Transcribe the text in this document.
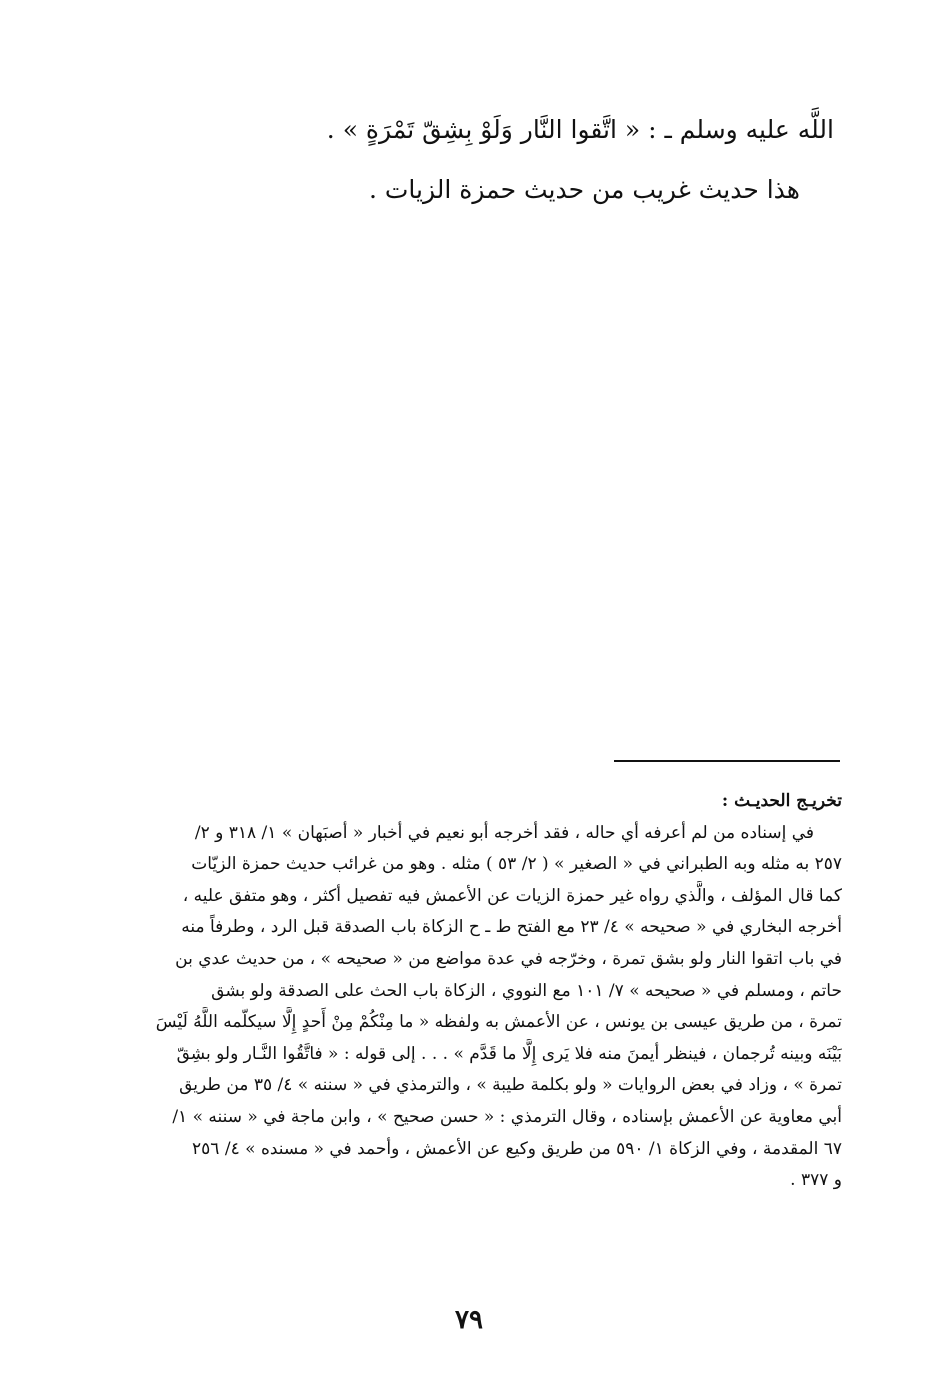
اللَّه عليه وسلم ـ : « اتَّقوا النَّار وَلَوْ بِشِقّ تَمْرَةٍ » .

هذا حديث غريب من حديث حمزة الزيات .

تخريـج الحديـث :

في إسناده من لم أعرفه أي حاله ، فقد أخرجه أبو نعيم في أخبار « أصبَهان » ١/ ٣١٨ و ٢/

٢٥٧ به مثله وبه الطبراني في « الصغير » ( ٢/ ٥٣ ) مثله . وهو من غرائب حديث حمزة الزيّات

كما قال المؤلف ، والَّذي رواه غير حمزة الزيات عن الأعمش فيه تفصيل أكثر ، وهو متفق عليه ،

أخرجه البخاري في « صحيحه » ٤/ ٢٣ مع الفتح ط ـ ح الزكاة باب الصدقة قبل الرد ، وطرفاً منه

في باب اتقوا النار ولو بشق تمرة ، وخرّجه في عدة مواضع من « صحيحه » ، من حديث عدي بن

حاتم ، ومسلم في « صحيحه » ٧/ ١٠١ مع النووي ، الزكاة باب الحث على الصدقة ولو بشق

تمرة ، من طريق عيسى بن يونس ، عن الأعمش به ولفظه « ما مِنْكُمْ مِنْ أَحدٍ إِلَّا سيكلّمه اللَّهُ لَيْسَ

بَيْنَه وبينه تُرجمان ، فينظر أيمنَ منه فلا يَرى إِلَّا ما قَدَّم » . . . إلى قوله : « فاتَّقُوا النَّـار ولو بشِقّ

تمرة » ، وزاد في بعض الروايات « ولو بكلمة طيبة » ، والترمذي في « سننه » ٤/ ٣٥ من طريق

أبي معاوية عن الأعمش بإسناده ، وقال الترمذي : « حسن صحيح » ، وابن ماجة في « سننه » ١/

٦٧ المقدمة ، وفي الزكاة ١/ ٥٩٠ من طريق وكيع عن الأعمش ، وأحمد في « مسنده » ٤/ ٢٥٦

و ٣٧٧ .

٧٩
